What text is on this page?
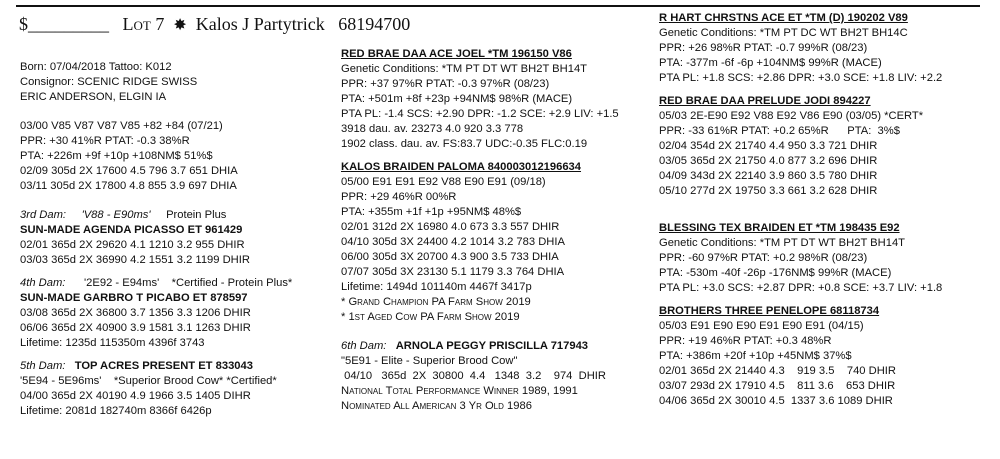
$_________ Lot 7 ✸ Kalos J Partytrick 68194700
Born: 07/04/2018 Tattoo: K012
Consignor: SCENIC RIDGE SWISS
ERIC ANDERSON, ELGIN IA
03/00 V85 V87 V87 V85 +82 +84 (07/21)
PPR: +30 41%R PTAT: -0.3 38%R
PTA: +226m +9f +10p +108NM$ 51%$
02/09 305d 2X 17600 4.5 796 3.7 651 DHIA
03/11 305d 2X 17800 4.8 855 3.9 697 DHIA
3rd Dam: 'V88 - E90ms' Protein Plus
SUN-MADE AGENDA PICASSO ET 961429
02/01 365d 2X 29620 4.1 1210 3.2 955 DHIR
03/03 365d 2X 36990 4.2 1551 3.2 1199 DHIR
4th Dam: '2E92 - E94ms' *Certified - Protein Plus*
SUN-MADE GARBRO T PICABO ET 878597
03/08 365d 2X 36800 3.7 1356 3.3 1206 DHIR
06/06 365d 2X 40900 3.9 1581 3.1 1263 DHIR
Lifetime: 1235d 115350m 4396f 3743
5th Dam: TOP ACRES PRESENT ET 833043
'5E94 - 5E96ms' *Superior Brood Cow* *Certified*
04/00 365d 2X 40190 4.9 1966 3.5 1405 DIHR
Lifetime: 2081d 182740m 8366f 6426p
RED BRAE DAA ACE JOEL *TM 196150 V86
Genetic Conditions: *TM PT DT WT BH2T BH14T
PPR: +37 97%R PTAT: -0.3 97%R (08/23)
PTA: +501m +8f +23p +94NM$ 98%R (MACE)
PTA PL: -1.4 SCS: +2.90 DPR: -1.2 SCE: +2.9 LIV: +1.5
3918 dau. av. 23273 4.0 920 3.3 778
1902 class. dau. av. FS:83.7 UDC:-0.35 FLC:0.19
KALOS BRAIDEN PALOMA 840003012196634
05/00 E91 E91 E92 V88 E90 E91 (09/18)
PPR: +29 46%R 00%R
PTA: +355m +1f +1p +95NM$ 48%$
02/01 312d 2X 16980 4.0 673 3.3 557 DHIR
04/10 305d 3X 24400 4.2 1014 3.2 783 DHIA
06/00 305d 3X 20700 4.3 900 3.5 733 DHIA
07/07 305d 3X 23130 5.1 1179 3.3 764 DHIA
Lifetime: 1494d 101140m 4467f 3417p
* Grand Champion PA Farm Show 2019
* 1st Aged Cow PA Farm Show 2019
6th Dam: ARNOLA PEGGY PRISCILLA 717943
"5E91 - Elite - Superior Brood Cow"
04/10   365d  2X  30800  4.4   1348  3.2    974  DHIR
National Total Performance Winner 1989, 1991
Nominated All American 3 Yr Old 1986
R HART CHRSTNS ACE ET *TM (D) 190202 V89
Genetic Conditions: *TM PT DC WT BH2T BH14C
PPR: +26 98%R PTAT: -0.7 99%R (08/23)
PTA: -377m -6f -6p +104NM$ 99%R (MACE)
PTA PL: +1.8 SCS: +2.86 DPR: +3.0 SCE: +1.8 LIV: +2.2
RED BRAE DAA PRELUDE JODI 894227
05/03 2E-E90 E92 V88 E92 V86 E90 (03/05) *CERT*
PPR: -33 61%R PTAT: +0.2 65%R      PTA:  3%$
02/04 354d 2X 21740 4.4 950 3.3 721 DHIR
03/05 365d 2X 21750 4.0 877 3.2 696 DHIR
04/09 343d 2X 22140 3.9 860 3.5 780 DHIR
05/10 277d 2X 19750 3.3 661 3.2 628 DHIR
BLESSING TEX BRAIDEN ET *TM 198435 E92
Genetic Conditions: *TM PT DT WT BH2T BH14T
PPR: -60 97%R PTAT: +0.2 98%R (08/23)
PTA: -530m -40f -26p -176NM$ 99%R (MACE)
PTA PL: +3.0 SCS: +2.87 DPR: +0.8 SCE: +3.7 LIV: +1.8
BROTHERS THREE PENELOPE 68118734
05/03 E91 E90 E90 E91 E90 E91 (04/15)
PPR: +19 46%R PTAT: +0.3 48%R
PTA: +386m +20f +10p +45NM$ 37%$
02/01 365d 2X 21440 4.3    919 3.5    740 DHIR
03/07 293d 2X 17910 4.5    811 3.6    653 DHIR
04/06 365d 2X 30010 4.5  1337 3.6 1089 DHIR
